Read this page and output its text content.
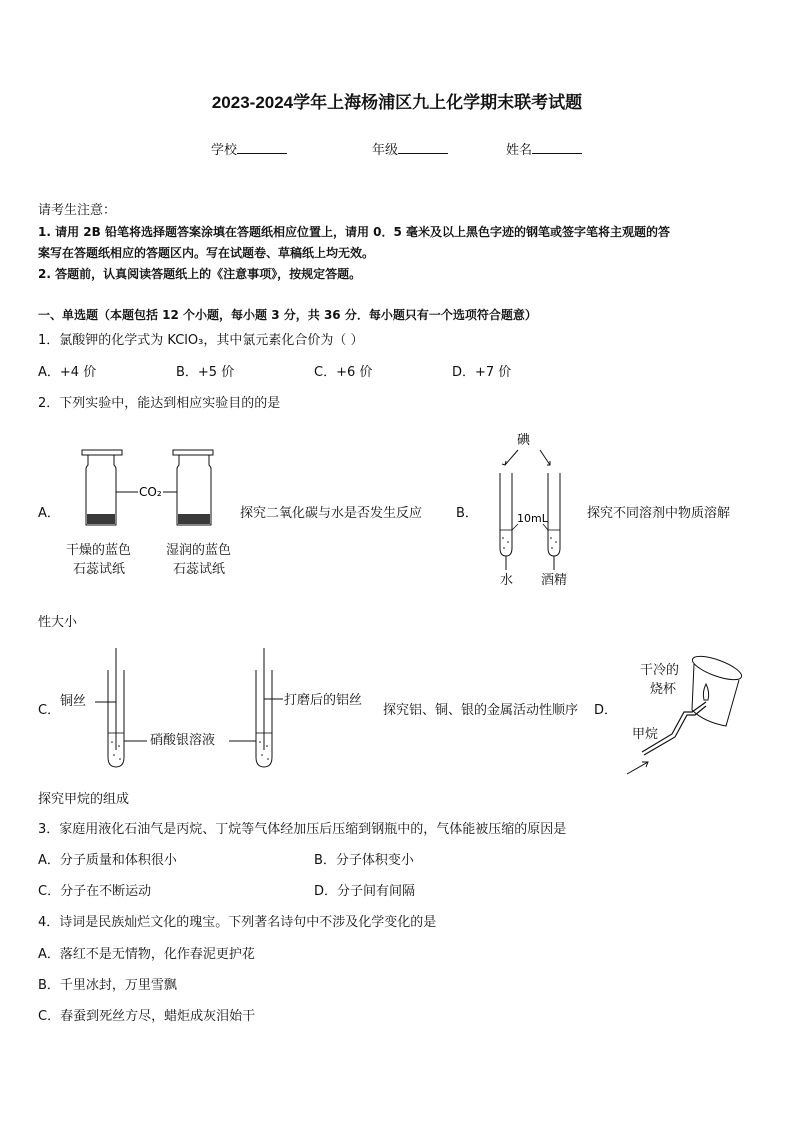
2023-2024学年上海杨浦区九上化学期末联考试题
学校	年级	姓名
请考生注意：
1. 请用 2B 铅笔将选择题答案涂填在答题纸相应位置上，请用 0．5 毫米及以上黑色字迹的钢笔或签字笔将主观题的答
案写在答题纸相应的答题区内。写在试题卷、草稿纸上均无效。
2. 答题前，认真阅读答题纸上的《注意事项》，按规定答题。
一、单选题（本题包括 12 个小题，每小题 3 分，共 36 分．每小题只有一个选项符合题意）
1．氯酸钾的化学式为 KClO₃，其中氯元素化合价为（ ）
A．+4 价	B．+5 价	C．+6 价	D．+7 价
2．下列实验中，能达到相应实验目的的是
A．
CO₂
干燥的蓝色
石蕊试纸
湿润的蓝色
石蕊试纸
探究二氧化碳与水是否发生反应	B．
碘
10mL
水 酒精
探究不同溶剂中物质溶解
性大小
C．
铜丝	打磨后的铝丝
硝酸银溶液
探究铝、铜、银的金属活动性顺序 D．
干冷的
烧杯
甲烷
探究甲烷的组成
3．家庭用液化石油气是丙烷、丁烷等气体经加压后压缩到钢瓶中的，气体能被压缩的原因是
A．分子质量和体积很小	B．分子体积变小
C．分子在不断运动	D．分子间有间隔
4．诗词是民族灿烂文化的瑰宝。下列著名诗句中不涉及化学变化的是
A．落红不是无情物，化作春泥更护花
B．千里冰封，万里雪飘
C．春蚕到死丝方尽，蜡炬成灰泪始干
